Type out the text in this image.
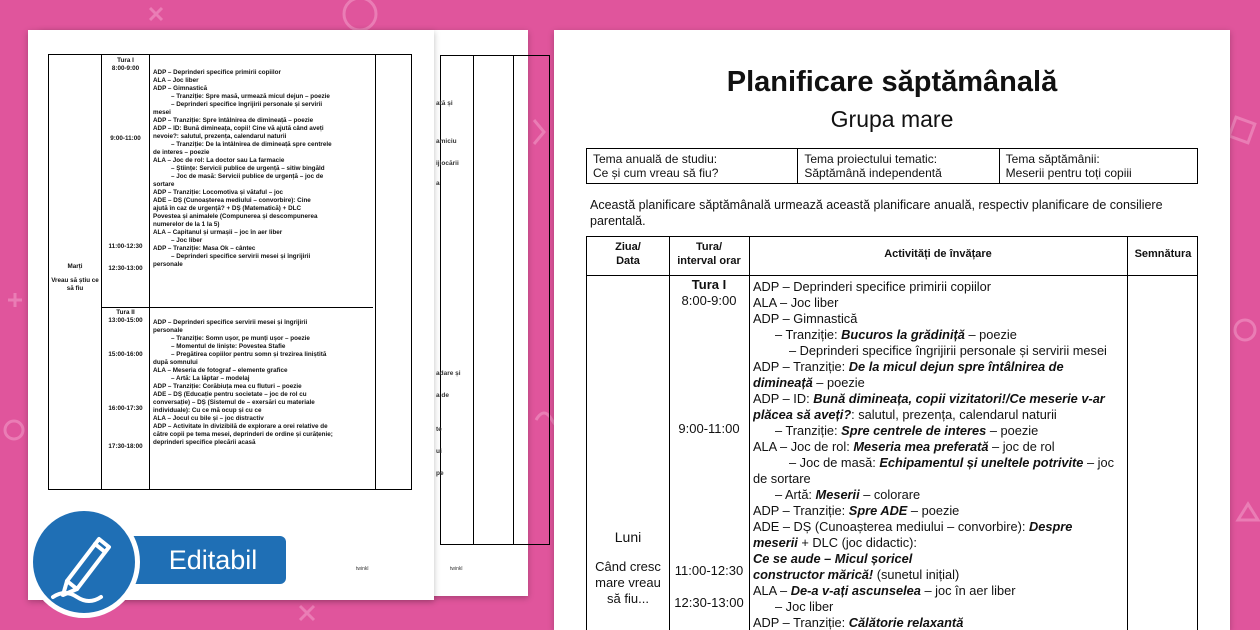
ată și
amiciu
ijlocării
a
adare și
a de
te
ui
pe
twinkl
Marți
Vreau să știu ce să fiu
Tura I
8:00-9:00
9:00-11:00
11:00-12:30
12:30-13:00
Tura II
13:00-15:00
15:00-16:00
16:00-17:30
17:30-18:00
ADP – Deprinderi specifice primirii copiilor
ALA – Joc liber
ADP – Gimnastică
– Tranziție: Spre masă, urmează micul dejun – poezie
– Deprinderi specifice îngrijirii personale și servirii
mesei
ADP – Tranziție: Spre întâlnirea de dimineață – poezie
ADP – ID: Bună dimineața, copii! Cine vă ajută când aveți
nevoie?: salutul, prezența, calendarul naturii
– Tranziție: De la întâlnirea de dimineață spre centrele
de interes – poezie
ALA – Joc de rol: La doctor sau La farmacie
– Științe: Servicii publice de urgență – sitiw bingăld
– Joc de masă: Servicii publice de urgență – joc de
sortare
ADP – Tranziție: Locomotiva și vătaful – joc
ADE – DȘ (Cunoașterea mediului – convorbire): Cine
ajută în caz de urgență? + DȘ (Matematică) + DLC
Povestea și animalele (Compunerea și descompunerea
numerelor de la 1 la 5)
ALA – Capitanul și urmașii – joc în aer liber
– Joc liber
ADP – Tranziție: Masa Ok – cântec
– Deprinderi specifice servirii mesei și îngrijirii
personale
ADP – Deprinderi specifice servirii mesei și îngrijirii
personale
– Tranziție: Somn ușor, pe munți ușor – poezie
– Momentul de liniște: Povestea Stafie
– Pregătirea copiilor pentru somn și trezirea liniștită
după somnului
ALA – Meseria de fotograf – elemente grafice
– Artă: La lăptar – modelaj
ADP – Tranziție: Corăbiuța mea cu fluturi – poezie
ADE – DȘ (Educație pentru societate – joc de rol cu
conversație) – DȘ (Sistemul de – exersări cu materiale
individuale): Cu ce mă ocup și cu ce
ALA – Jocul cu bile și – joc distractiv
ADP – Activitate în divizibilă de explorare a orei relative de
către copii pe tema mesei, deprinderi de ordine și curățenie;
deprinderi specifice plecării acasă
twinkl
Editabil
Planificare săptămânală
Grupa mare
Tema anuală de studiu:
Ce și cum vreau să fiu?
Tema proiectului tematic:
Săptămână independentă
Tema săptămânii:
Meserii pentru toți copiii
Această planificare săptămânală urmează această planificare anuală, respectiv planificare de consiliere parentală.
Ziua/
Data
Tura/
interval orar
Activități de învățare	Semnătura
Luni
Când cresc mare vreau să fiu...
Tura I
8:00-9:00
9:00-11:00
11:00-12:30
12:30-13:00
ADP – Deprinderi specifice primirii copiilor
ALA – Joc liber
ADP – Gimnastică
– Tranziție: Bucuros la grădiniță – poezie
– Deprinderi specifice îngrijirii personale și servirii mesei
ADP – Tranziție: De la micul dejun spre întâlnirea de
dimineață – poezie
ADP – ID: Bună dimineața, copii vizitatori!/Ce meserie v-ar
plăcea să aveți?: salutul, prezența, calendarul naturii
– Tranziție: Spre centrele de interes – poezie
ALA – Joc de rol: Meseria mea preferată – joc de rol
– Joc de masă: Echipamentul și uneltele potrivite – joc
de sortare
– Artă: Meserii – colorare
ADP – Tranziție: Spre ADE – poezie
ADE – DȘ (Cunoașterea mediului – convorbire): Despre
meserii + DLC (joc didactic):
Ce se aude – Micul șoricel
constructor mărică! (sunetul inițial)
ALA – De-a v-ați ascunselea – joc în aer liber
– Joc liber
ADP – Tranziție: Călătorie relaxantă
